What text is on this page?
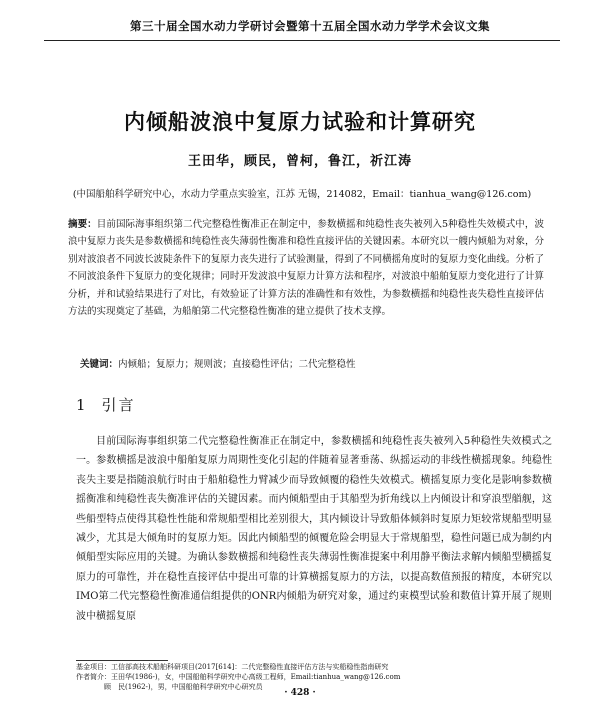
第三十届全国水动力学研讨会暨第十五届全国水动力学学术会议文集
内倾船波浪中复原力试验和计算研究
王田华，顾民，曾柯，鲁江，祈江涛
(中国船舶科学研究中心，水动力学重点实验室，江苏 无锡，214082，Email：tianhua_wang@126.com)
摘要：目前国际海事组织第二代完整稳性衡准正在制定中，参数横摇和纯稳性丧失被列入5种稳性失效模式中，波浪中复原力丧失是参数横摇和纯稳性丧失薄弱性衡准和稳性直接评估的关键因素。本研究以一艘内倾船为对象，分别对波浪者不同波长波陡条件下的复原力丧失进行了试验测量，得到了不同横摇角度时的复原力变化曲线。分析了不同波浪条件下复原力的变化规律；同时开发波浪中复原力计算方法和程序，对波浪中船舶复原力变化进行了计算分析，并和试验结果进行了对比，有效验证了计算方法的准确性和有效性，为参数横摇和纯稳性丧失稳性直接评估方法的实现奠定了基础，为船舶第二代完整稳性衡准的建立提供了技术支撑。
关键词：内倾船；复原力；规则波；直接稳性评估；二代完整稳性
1 引言
目前国际海事组织第二代完整稳性衡准正在制定中，参数横摇和纯稳性丧失被列入5种稳性失效模式之一。参数横摇是波浪中船舶复原力周期性变化引起的伴随着显著垂荡、纵摇运动的非线性横摇现象。纯稳性丧失主要是指随浪航行时由于船舶稳性力臂减少而导致倾覆的稳性失效模式。横摇复原力变化是影响参数横摇衡准和纯稳性丧失衡准评估的关键因素。而内倾船型由于其船型为折角线以上内倾设计和穿浪型艏舰，这些船型特点使得其稳性性能和常规船型相比差别很大，其内倾设计导致船体倾斜时复原力矩较常规船型明显减少，尤其是大倾角时的复原力矩。因此内倾船型的倾覆危险会明显大于常规船型，稳性问题已成为制约内倾船型实际应用的关键。为确认参数横摇和纯稳性丧失薄弱性衡准提案中利用静平衡法求解内倾船型横摇复原力的可靠性，并在稳性直接评估中提出可靠的计算横摇复原力的方法，以提高数值预报的精度，本研究以IMO第二代完整稳性衡准通信组提供的ONR内倾船为研究对象，通过约束模型试验和数值计算开展了规则波中横摇复原
基金项目：工信部高技术船舶科研项目(2017[614]：二代完整稳性直接评估方法与实船稳性指南研究
作者简介：王田华(1986-)，女，中国船舶科学研究中心高级工程师，Email:tianhua_wang@126.com
顾　民(1962-)，男，中国船舶科学研究中心研究员
· 428 ·
